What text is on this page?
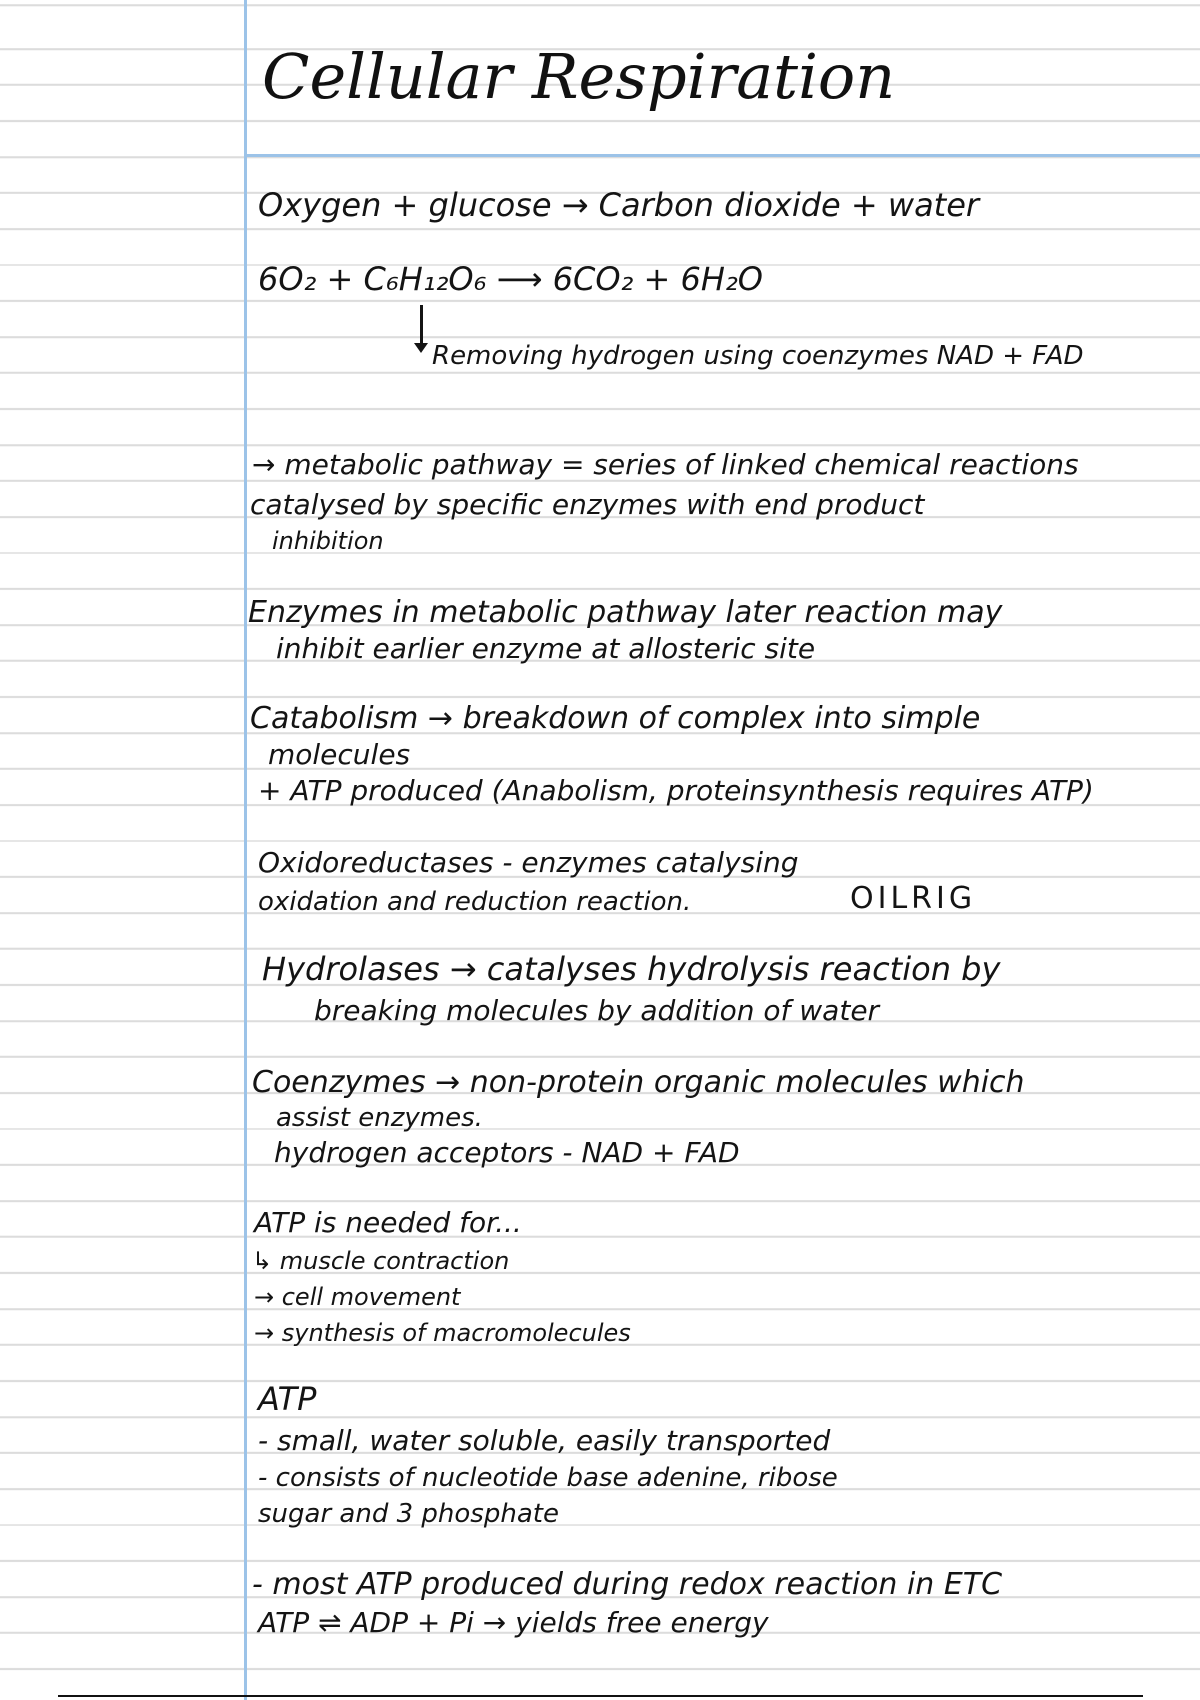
Cellular Respiration
Oxygen + glucose → Carbon dioxide + water
6O₂ + C₆H₁₂O₆ ⟶ 6CO₂ + 6H₂O
Removing hydrogen using coenzymes NAD + FAD
→ metabolic pathway = series of linked chemical reactions
catalysed by specific enzymes with end product
inhibition
Enzymes in metabolic pathway later reaction may
inhibit earlier enzyme at allosteric site
Catabolism → breakdown of complex into simple
molecules
+ ATP produced (Anabolism, proteinsynthesis requires ATP)
Oxidoreductases - enzymes catalysing
oxidation and reduction reaction.	OILRIG
Hydrolases → catalyses hydrolysis reaction by
breaking molecules by addition of water
Coenzymes → non-protein organic molecules which
assist enzymes.
hydrogen acceptors - NAD + FAD
ATP is needed for...
↳ muscle contraction
→ cell movement
→ synthesis of macromolecules
ATP
- small, water soluble, easily transported
- consists of nucleotide base adenine, ribose
sugar and 3 phosphate
- most ATP produced during redox reaction in ETC
ATP ⇌ ADP + Pi → yields free energy
